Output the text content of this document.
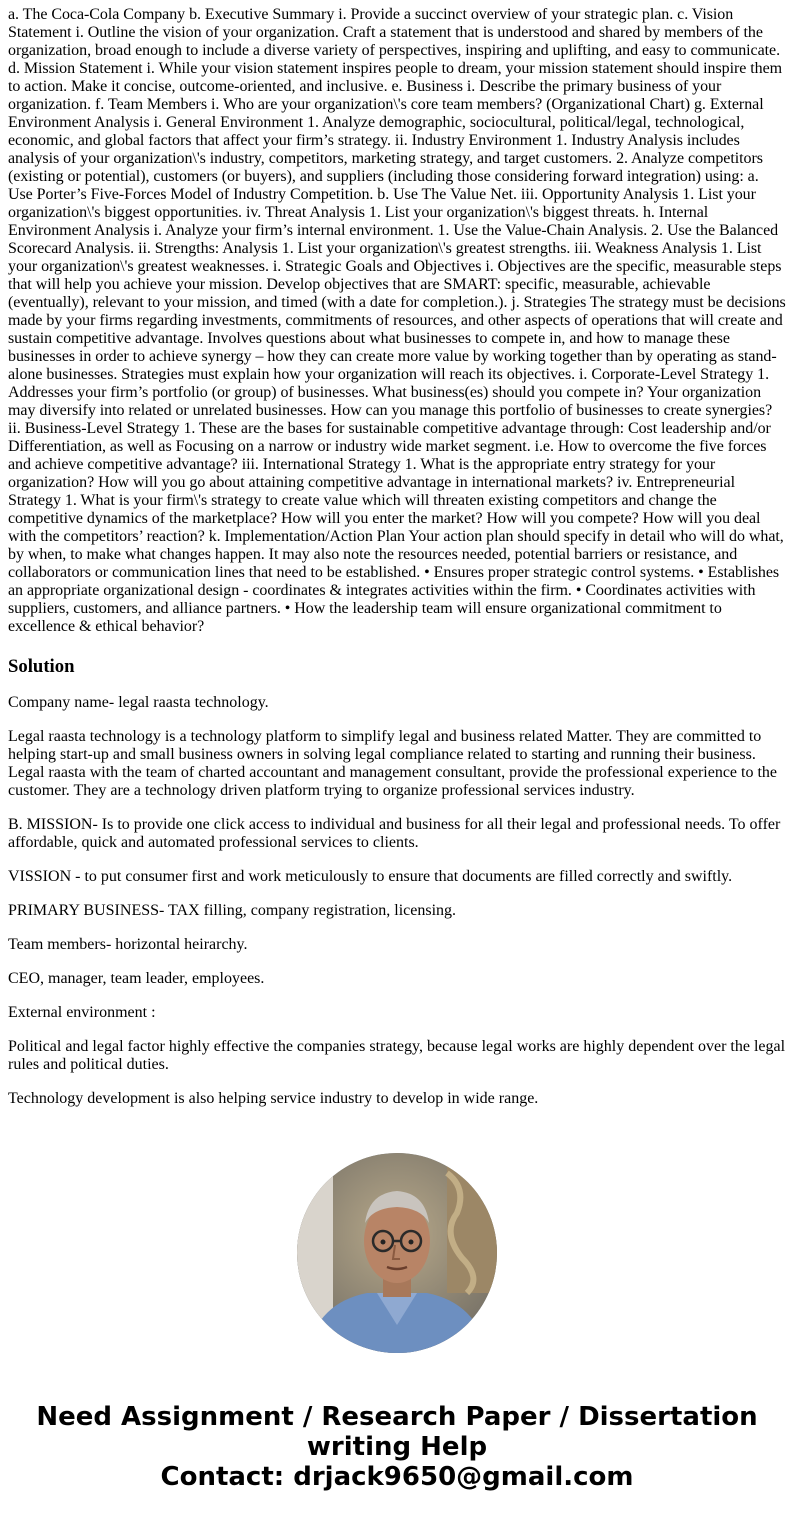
a. The Coca-Cola Company b. Executive Summary i. Provide a succinct overview of your strategic plan. c. Vision Statement i. Outline the vision of your organization. Craft a statement that is understood and shared by members of the organization, broad enough to include a diverse variety of perspectives, inspiring and uplifting, and easy to communicate. d. Mission Statement i. While your vision statement inspires people to dream, your mission statement should inspire them to action. Make it concise, outcome-oriented, and inclusive. e. Business i. Describe the primary business of your organization. f. Team Members i. Who are your organization\'s core team members? (Organizational Chart) g. External Environment Analysis i. General Environment 1. Analyze demographic, sociocultural, political/legal, technological, economic, and global factors that affect your firm’s strategy. ii. Industry Environment 1. Industry Analysis includes analysis of your organization\'s industry, competitors, marketing strategy, and target customers. 2. Analyze competitors (existing or potential), customers (or buyers), and suppliers (including those considering forward integration) using: a. Use Porter’s Five-Forces Model of Industry Competition. b. Use The Value Net. iii. Opportunity Analysis 1. List your organization\'s biggest opportunities. iv. Threat Analysis 1. List your organization\'s biggest threats. h. Internal Environment Analysis i. Analyze your firm’s internal environment. 1. Use the Value-Chain Analysis. 2. Use the Balanced Scorecard Analysis. ii. Strengths: Analysis 1. List your organization\'s greatest strengths. iii. Weakness Analysis 1. List your organization\'s greatest weaknesses. i. Strategic Goals and Objectives i. Objectives are the specific, measurable steps that will help you achieve your mission. Develop objectives that are SMART: specific, measurable, achievable (eventually), relevant to your mission, and timed (with a date for completion.). j. Strategies The strategy must be decisions made by your firms regarding investments, commitments of resources, and other aspects of operations that will create and sustain competitive advantage. Involves questions about what businesses to compete in, and how to manage these businesses in order to achieve synergy – how they can create more value by working together than by operating as stand-alone businesses. Strategies must explain how your organization will reach its objectives. i. Corporate-Level Strategy 1. Addresses your firm’s portfolio (or group) of businesses. What business(es) should you compete in? Your organization may diversify into related or unrelated businesses. How can you manage this portfolio of businesses to create synergies? ii. Business-Level Strategy 1. These are the bases for sustainable competitive advantage through: Cost leadership and/or Differentiation, as well as Focusing on a narrow or industry wide market segment. i.e. How to overcome the five forces and achieve competitive advantage? iii. International Strategy 1. What is the appropriate entry strategy for your organization? How will you go about attaining competitive advantage in international markets? iv. Entrepreneurial Strategy 1. What is your firm\'s strategy to create value which will threaten existing competitors and change the competitive dynamics of the marketplace? How will you enter the market? How will you compete? How will you deal with the competitors’ reaction? k. Implementation/Action Plan Your action plan should specify in detail who will do what, by when, to make what changes happen. It may also note the resources needed, potential barriers or resistance, and collaborators or communication lines that need to be established. • Ensures proper strategic control systems. • Establishes an appropriate organizational design - coordinates & integrates activities within the firm. • Coordinates activities with suppliers, customers, and alliance partners. • How the leadership team will ensure organizational commitment to excellence & ethical behavior?

Solution

Company name- legal raasta technology.

Legal raasta technology is a technology platform to simplify legal and business related Matter. They are committed to helping start-up and small business owners in solving legal compliance related to starting and running their business. Legal raasta with the team of charted accountant and management consultant, provide the professional experience to the customer. They are a technology driven platform trying to organize professional services industry.

B. MISSION- Is to provide one click access to individual and business for all their legal and professional needs. To offer affordable, quick and automated professional services to clients.

VISSION - to put consumer first and work meticulously to ensure that documents are filled correctly and swiftly.

PRIMARY BUSINESS- TAX filling, company registration, licensing.

Team members- horizontal heirarchy.

CEO, manager, team leader, employees.

External environment :

Political and legal factor highly effective the companies strategy, because legal works are highly dependent over the legal rules and political duties.

Technology development is also helping service industry to develop in wide range.

Need Assignment / Research Paper / Dissertation
writing Help
Contact: drjack9650@gmail.com
